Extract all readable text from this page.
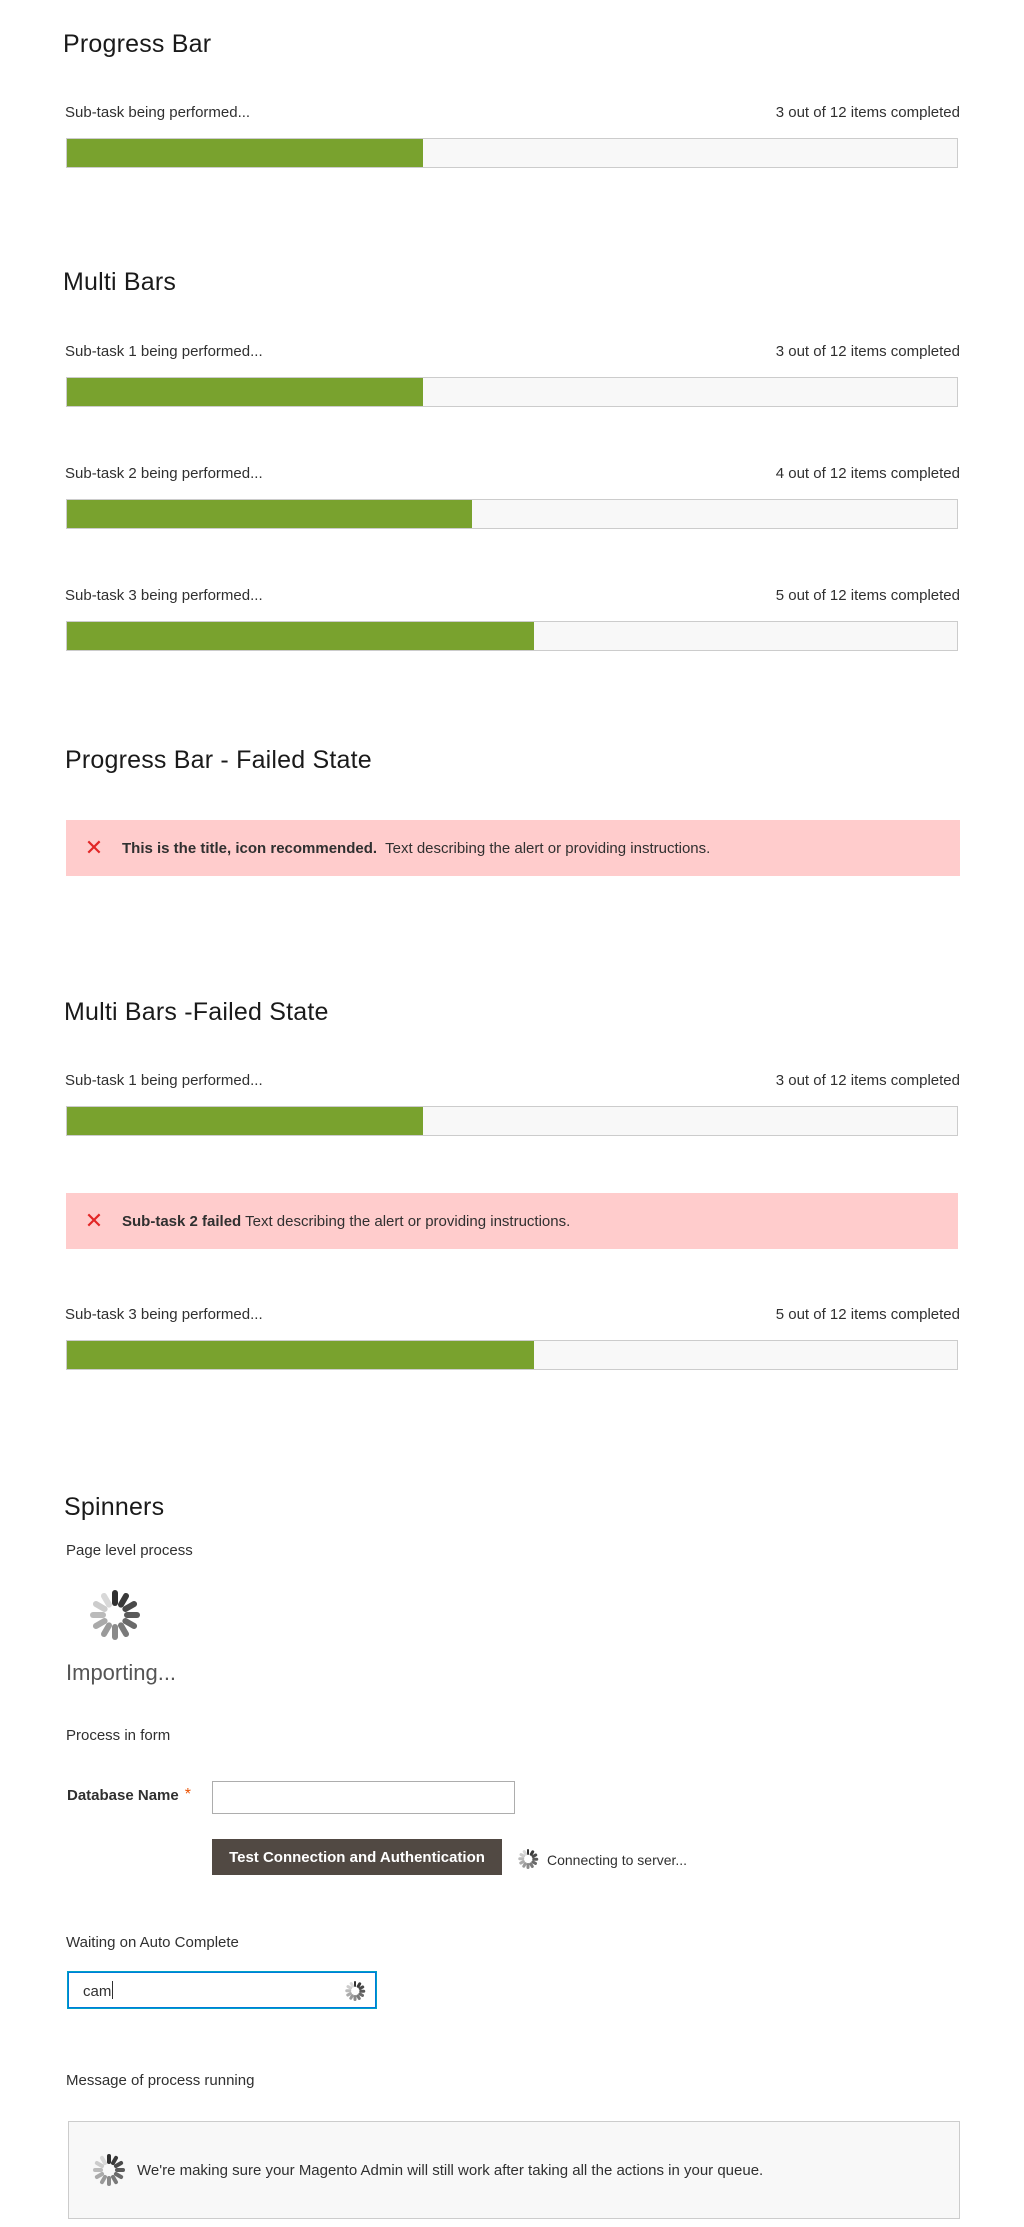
Progress Bar
Sub-task being performed...	3 out of 12 items completed
Multi Bars
Sub-task 1 being performed...	3 out of 12 items completed
Sub-task 2 being performed...	4 out of 12 items completed
Sub-task 3 being performed...	5 out of 12 items completed
Progress Bar - Failed State
✕	This is the title, icon recommended. Text describing the alert or providing instructions.
Multi Bars -Failed State
Sub-task 1 being performed...	3 out of 12 items completed
✕	Sub-task 2 failed Text describing the alert or providing instructions.
Sub-task 3 being performed...	5 out of 12 items completed
Spinners
Page level process
Importing...
Process in form
Database Name *
Test Connection and Authentication	Connecting to server...
Waiting on Auto Complete
cam
Message of process running
We're making sure your Magento Admin will still work after taking all the actions in your queue.
